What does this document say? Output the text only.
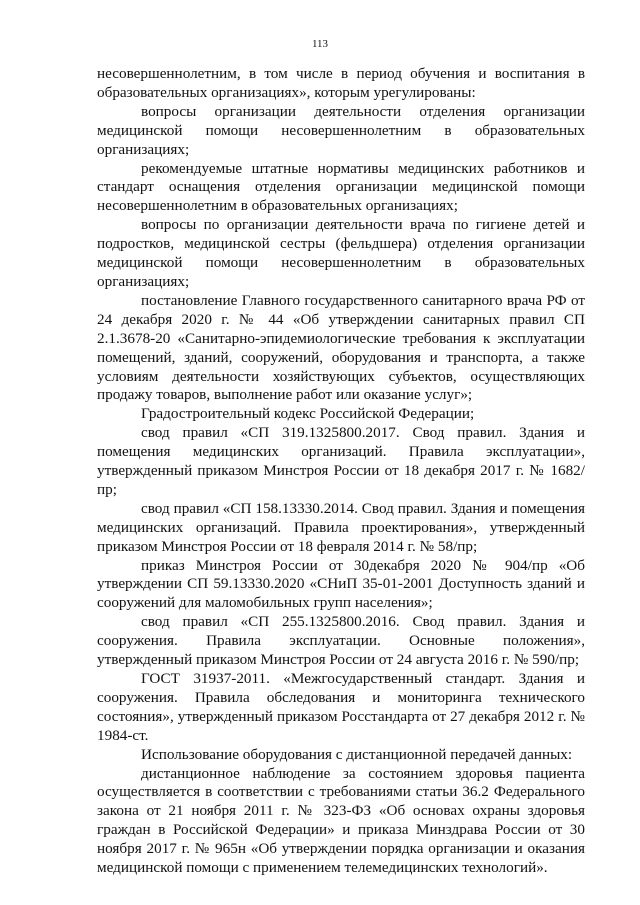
113

несовершеннолетним, в том числе в период обучения и воспитания в образовательных организациях», которым урегулированы:

вопросы организации деятельности отделения организации медицинской помощи несовершеннолетним в образовательных организациях;

рекомендуемые штатные нормативы медицинских работников и стандарт оснащения отделения организации медицинской помощи несовершеннолетним в образовательных организациях;

вопросы по организации деятельности врача по гигиене детей и подростков, медицинской сестры (фельдшера) отделения организации медицинской помощи несовершеннолетним в образовательных организациях;

постановление Главного государственного санитарного врача РФ от 24 декабря 2020 г. № 44 «Об утверждении санитарных правил СП 2.1.3678-20 «Санитарно-эпидемиологические требования к эксплуатации помещений, зданий, сооружений, оборудования и транспорта, а также условиям деятельности хозяйствующих субъектов, осуществляющих продажу товаров, выполнение работ или оказание услуг»;

Градостроительный кодекс Российской Федерации;

свод правил «СП 319.1325800.2017. Свод правил. Здания и помещения медицинских организаций. Правила эксплуатации», утвержденный приказом Минстроя России от 18 декабря 2017 г. № 1682/пр;

свод правил «СП 158.13330.2014. Свод правил. Здания и помещения медицинских организаций. Правила проектирования», утвержденный приказом Минстроя России от 18 февраля 2014 г. № 58/пр;

приказ Минстроя России от 30декабря 2020 № 904/пр «Об утверждении СП 59.13330.2020 «СНиП 35-01-2001 Доступность зданий и сооружений для маломобильных групп населения»;

свод правил «СП 255.1325800.2016. Свод правил. Здания и сооружения. Правила эксплуатации. Основные положения», утвержденный приказом Минстроя России от 24 августа 2016 г. № 590/пр;

ГОСТ 31937-2011. «Межгосударственный стандарт. Здания и сооружения. Правила обследования и мониторинга технического состояния», утвержденный приказом Росстандарта от 27 декабря 2012 г. № 1984-ст.

Использование оборудования с дистанционной передачей данных:

дистанционное наблюдение за состоянием здоровья пациента осуществляется в соответствии с требованиями статьи 36.2 Федерального закона от 21 ноября 2011 г. № 323-ФЗ «Об основах охраны здоровья граждан в Российской Федерации» и приказа Минздрава России от 30 ноября 2017 г. № 965н «Об утверждении порядка организации и оказания медицинской помощи с применением телемедицинских технологий».
